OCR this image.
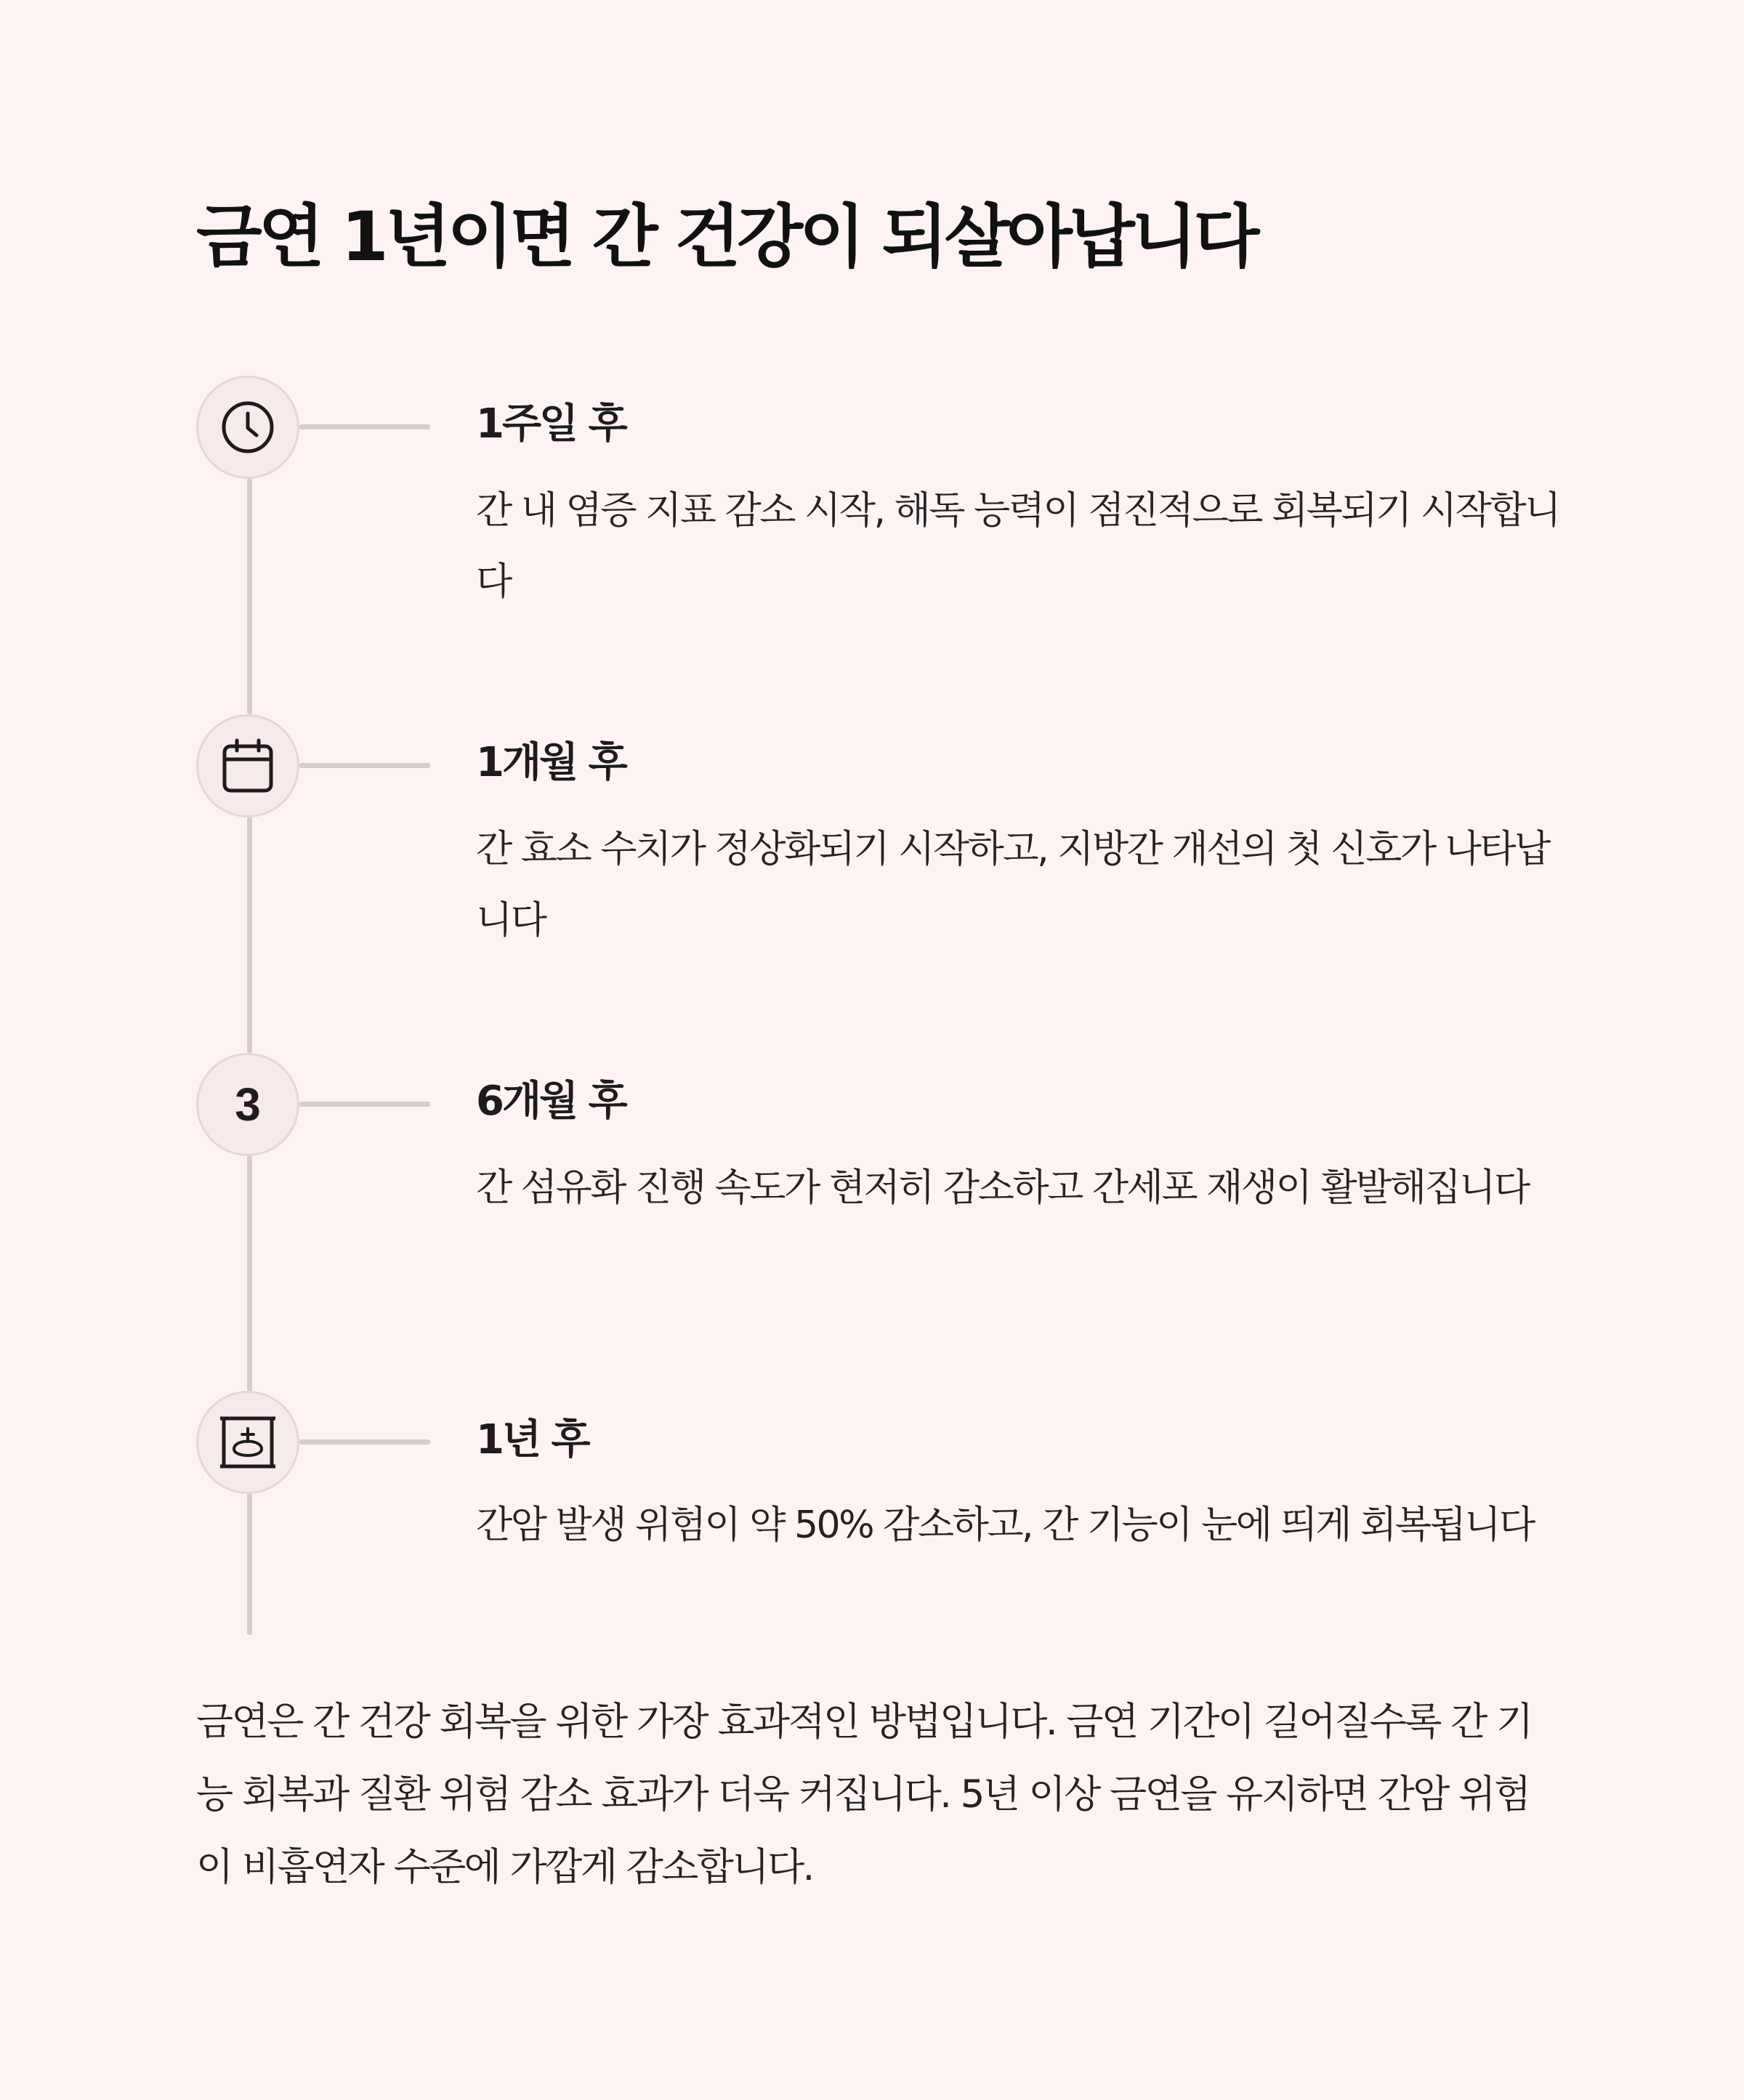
금연 1년이면 간 건강이 되살아납니다
1주일 후
간 내 염증 지표 감소 시작, 해독 능력이 점진적으로 회복되기 시작합니다
1개월 후
간 효소 수치가 정상화되기 시작하고, 지방간 개선의 첫 신호가 나타납니다
3	6개월 후
간 섬유화 진행 속도가 현저히 감소하고 간세포 재생이 활발해집니다
1년 후
간암 발생 위험이 약 50% 감소하고, 간 기능이 눈에 띄게 회복됩니다

금연은 간 건강 회복을 위한 가장 효과적인 방법입니다. 금연 기간이 길어질수록 간 기능 회복과 질환 위험 감소 효과가 더욱 커집니다. 5년 이상 금연을 유지하면 간암 위험이 비흡연자 수준에 가깝게 감소합니다.
